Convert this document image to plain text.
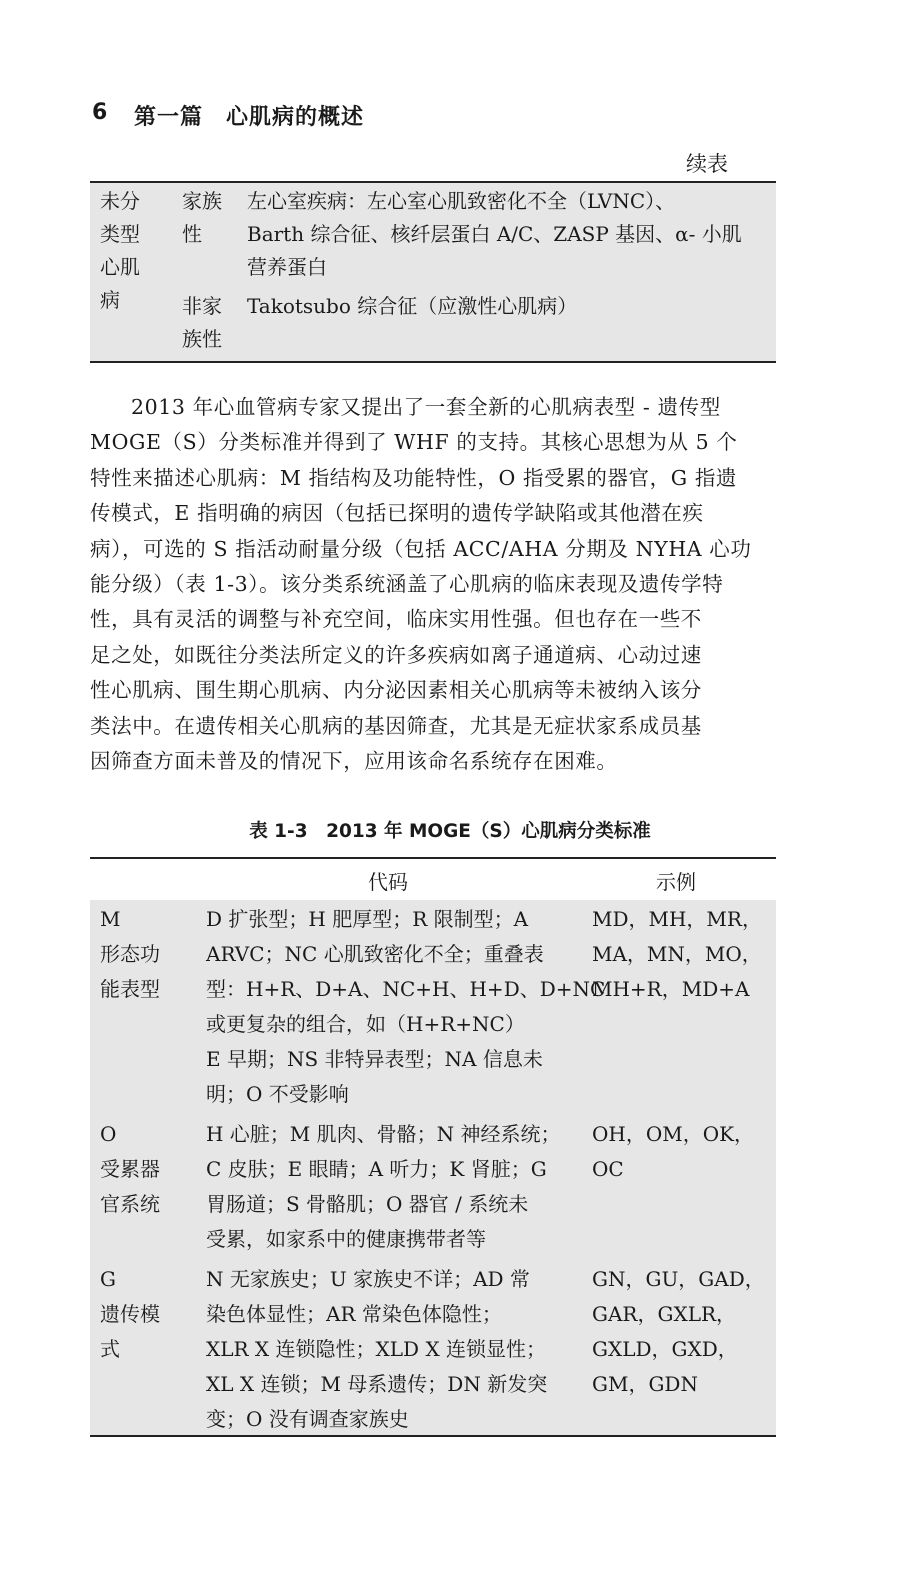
6 第一篇　心肌病的概述
续表
未分
类型
心肌
病
家族
性
左心室疾病：左心室心肌致密化不全（LVNC）、
Barth 综合征、核纤层蛋白 A/C、ZASP 基因、α- 小肌
营养蛋白
非家
族性
Takotsubo 综合征（应激性心肌病）
2013 年心血管病专家又提出了一套全新的心肌病表型 - 遗传型
MOGE（S）分类标准并得到了 WHF 的支持。其核心思想为从 5 个
特性来描述心肌病：M 指结构及功能特性，O 指受累的器官，G 指遗
传模式，E 指明确的病因（包括已探明的遗传学缺陷或其他潜在疾
病），可选的 S 指活动耐量分级（包括 ACC/AHA 分期及 NYHA 心功
能分级）（表 1-3）。该分类系统涵盖了心肌病的临床表现及遗传学特
性，具有灵活的调整与补充空间，临床实用性强。但也存在一些不
足之处，如既往分类法所定义的许多疾病如离子通道病、心动过速
性心肌病、围生期心肌病、内分泌因素相关心肌病等未被纳入该分
类法中。在遗传相关心肌病的基因筛查，尤其是无症状家系成员基
因筛查方面未普及的情况下，应用该命名系统存在困难。
表 1-3　2013 年 MOGE（S）心肌病分类标准
代码	示例
M
形态功
能表型
D 扩张型；H 肥厚型；R 限制型；A
ARVC；NC 心肌致密化不全；重叠表
型：H+R、D+A、NC+H、H+D、D+NC
或更复杂的组合，如（H+R+NC）
E 早期；NS 非特异表型；NA 信息未
明；O 不受影响
MD，MH，MR，
MA，MN，MO，
MH+R，MD+A
O
受累器
官系统
H 心脏；M 肌肉、骨骼；N 神经系统；
C 皮肤；E 眼睛；A 听力；K 肾脏；G
胃肠道；S 骨骼肌；O 器官 / 系统未
受累，如家系中的健康携带者等
OH，OM，OK，
OC
G
遗传模
式
N 无家族史；U 家族史不详；AD 常
染色体显性；AR 常染色体隐性；
XLR X 连锁隐性；XLD X 连锁显性；
XL X 连锁；M 母系遗传；DN 新发突
变；O 没有调查家族史
GN，GU，GAD，
GAR，GXLR，
GXLD，GXD，
GM，GDN
